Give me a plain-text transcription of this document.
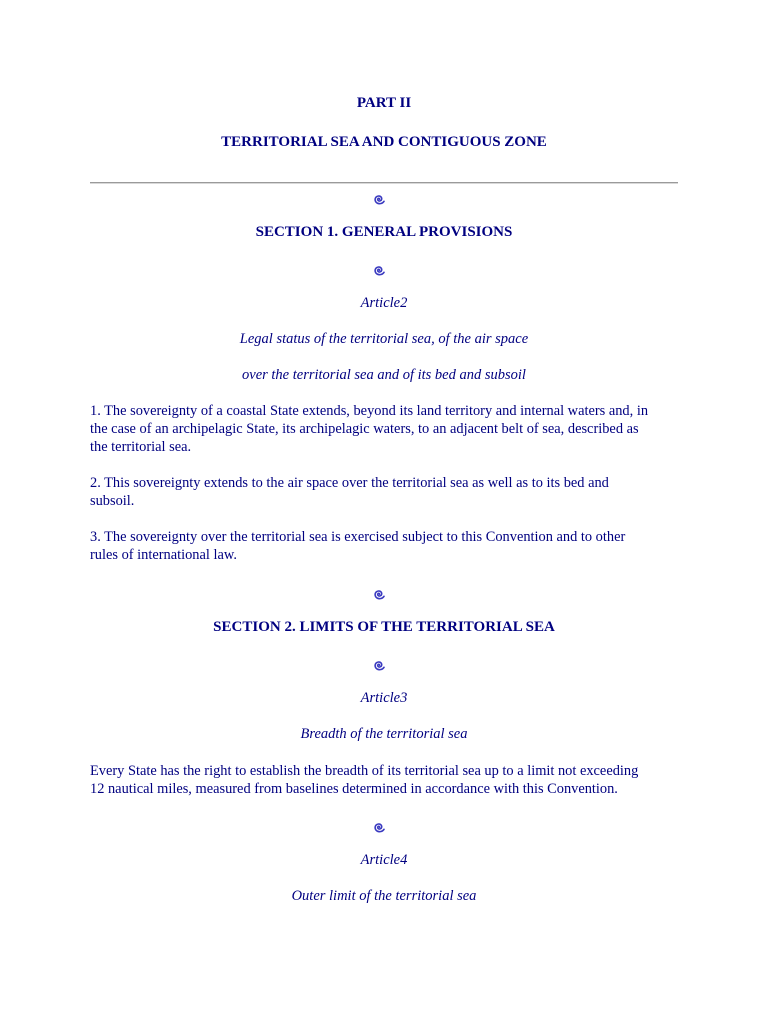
PART II

TERRITORIAL SEA AND CONTIGUOUS ZONE

SECTION 1. GENERAL PROVISIONS

Article2

Legal status of the territorial sea, of the air space

over the territorial sea and of its bed and subsoil

1. The sovereignty of a coastal State extends, beyond its land territory and internal waters and, in

the case of an archipelagic State, its archipelagic waters, to an adjacent belt of sea, described as

the territorial sea.

2. This sovereignty extends to the air space over the territorial sea as well as to its bed and

subsoil.

3. The sovereignty over the territorial sea is exercised subject to this Convention and to other

rules of international law.

SECTION 2. LIMITS OF THE TERRITORIAL SEA

Article3

Breadth of the territorial sea

Every State has the right to establish the breadth of its territorial sea up to a limit not exceeding

12 nautical miles, measured from baselines determined in accordance with this Convention.

Article4

Outer limit of the territorial sea
